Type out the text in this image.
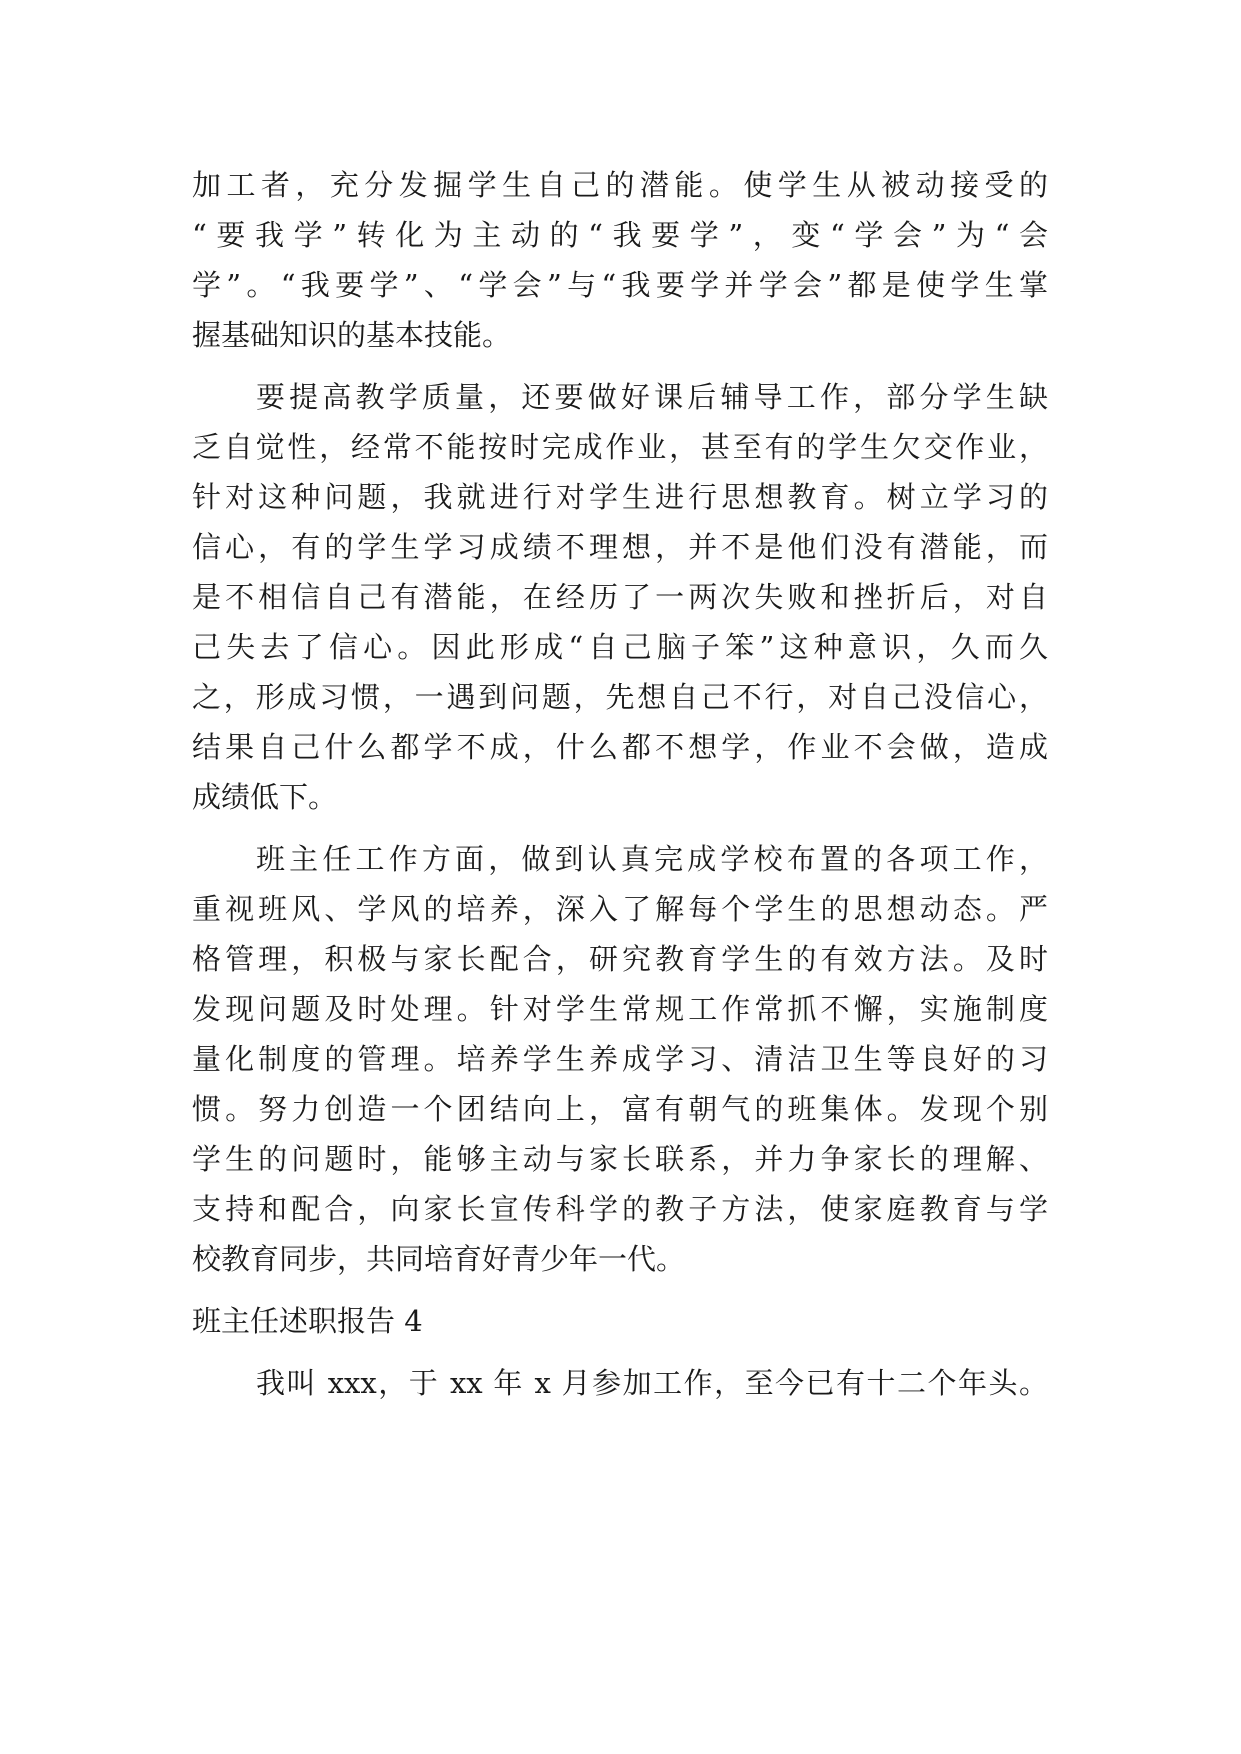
加工者，充分发掘学生自己的潜能。使学生从被动接受的
“要我学”转化为主动的“我要学”，变“学会”为“会
学”。“我要学”、“学会”与“我要学并学会”都是使学生掌
握基础知识的基本技能。
要提高教学质量，还要做好课后辅导工作，部分学生缺
乏自觉性，经常不能按时完成作业，甚至有的学生欠交作业，
针对这种问题，我就进行对学生进行思想教育。树立学习的
信心，有的学生学习成绩不理想，并不是他们没有潜能，而
是不相信自己有潜能，在经历了一两次失败和挫折后，对自
己失去了信心。因此形成“自己脑子笨”这种意识，久而久
之，形成习惯，一遇到问题，先想自己不行，对自己没信心，
结果自己什么都学不成，什么都不想学，作业不会做，造成
成绩低下。
班主任工作方面，做到认真完成学校布置的各项工作，
重视班风、学风的培养，深入了解每个学生的思想动态。严
格管理，积极与家长配合，研究教育学生的有效方法。及时
发现问题及时处理。针对学生常规工作常抓不懈，实施制度
量化制度的管理。培养学生养成学习、清洁卫生等良好的习
惯。努力创造一个团结向上，富有朝气的班集体。发现个别
学生的问题时，能够主动与家长联系，并力争家长的理解、
支持和配合，向家长宣传科学的教子方法，使家庭教育与学
校教育同步，共同培育好青少年一代。
班主任述职报告 4
我叫 xxx，于 xx 年 x 月参加工作，至今已有十二个年头。
